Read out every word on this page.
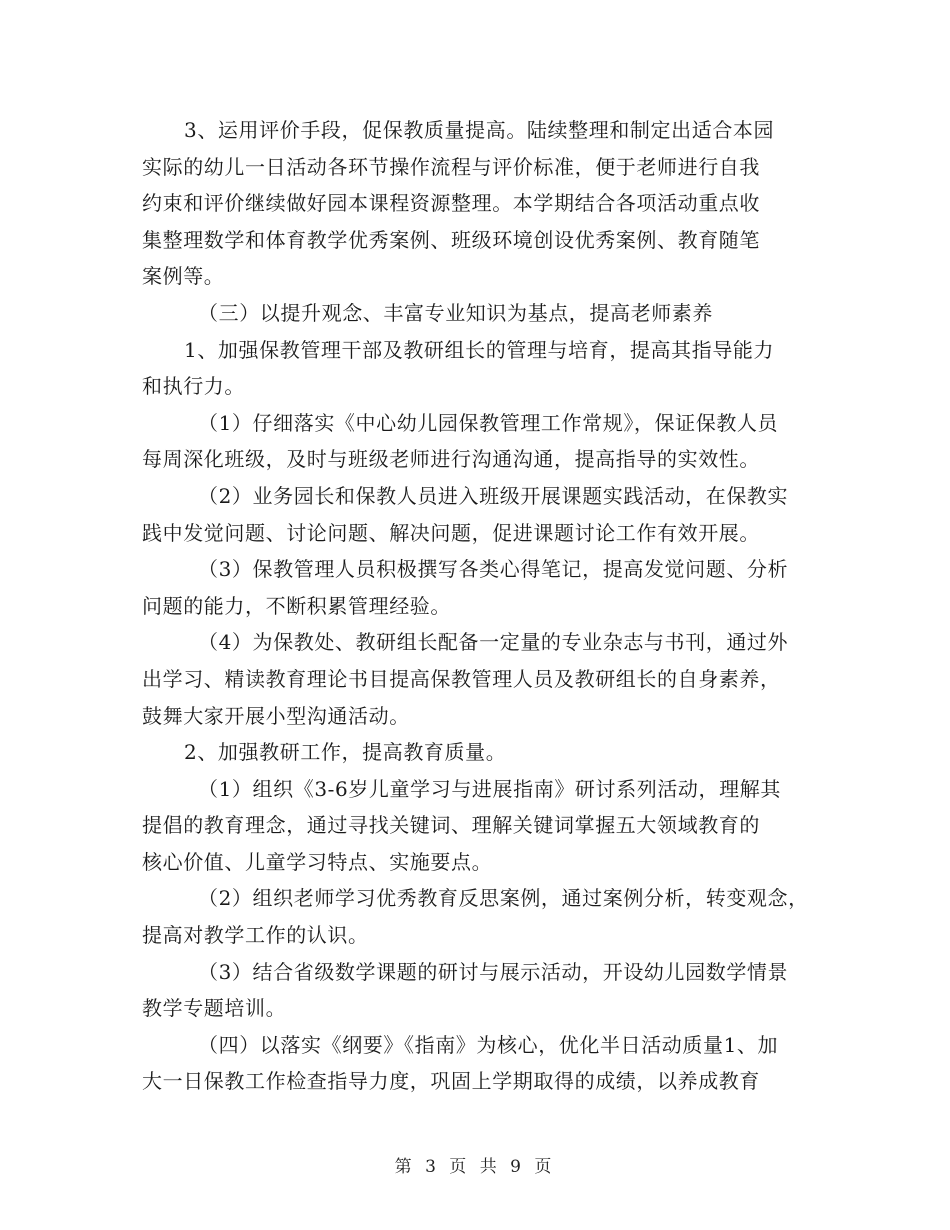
3、运用评价手段，促保教质量提高。陆续整理和制定出适合本园
实际的幼儿一日活动各环节操作流程与评价标准，便于老师进行自我
约束和评价继续做好园本课程资源整理。本学期结合各项活动重点收
集整理数学和体育教学优秀案例、班级环境创设优秀案例、教育随笔
案例等。
（三）以提升观念、丰富专业知识为基点，提高老师素养
1、加强保教管理干部及教研组长的管理与培育，提高其指导能力
和执行力。
（1）仔细落实《中心幼儿园保教管理工作常规》，保证保教人员
每周深化班级，及时与班级老师进行沟通沟通，提高指导的实效性。
（2）业务园长和保教人员进入班级开展课题实践活动，在保教实
践中发觉问题、讨论问题、解决问题，促进课题讨论工作有效开展。
（3）保教管理人员积极撰写各类心得笔记，提高发觉问题、分析
问题的能力，不断积累管理经验。
（4）为保教处、教研组长配备一定量的专业杂志与书刊，通过外
出学习、精读教育理论书目提高保教管理人员及教研组长的自身素养，
鼓舞大家开展小型沟通活动。
2、加强教研工作，提高教育质量。
（1）组织《3-6岁儿童学习与进展指南》研讨系列活动，理解其
提倡的教育理念，通过寻找关键词、理解关键词掌握五大领域教育的
核心价值、儿童学习特点、实施要点。
（2）组织老师学习优秀教育反思案例，通过案例分析，转变观念，
提高对教学工作的认识。
（3）结合省级数学课题的研讨与展示活动，开设幼儿园数学情景
教学专题培训。
（四）以落实《纲要》《指南》为核心，优化半日活动质量1、加
大一日保教工作检查指导力度，巩固上学期取得的成绩，以养成教育
第 3 页 共 9 页
